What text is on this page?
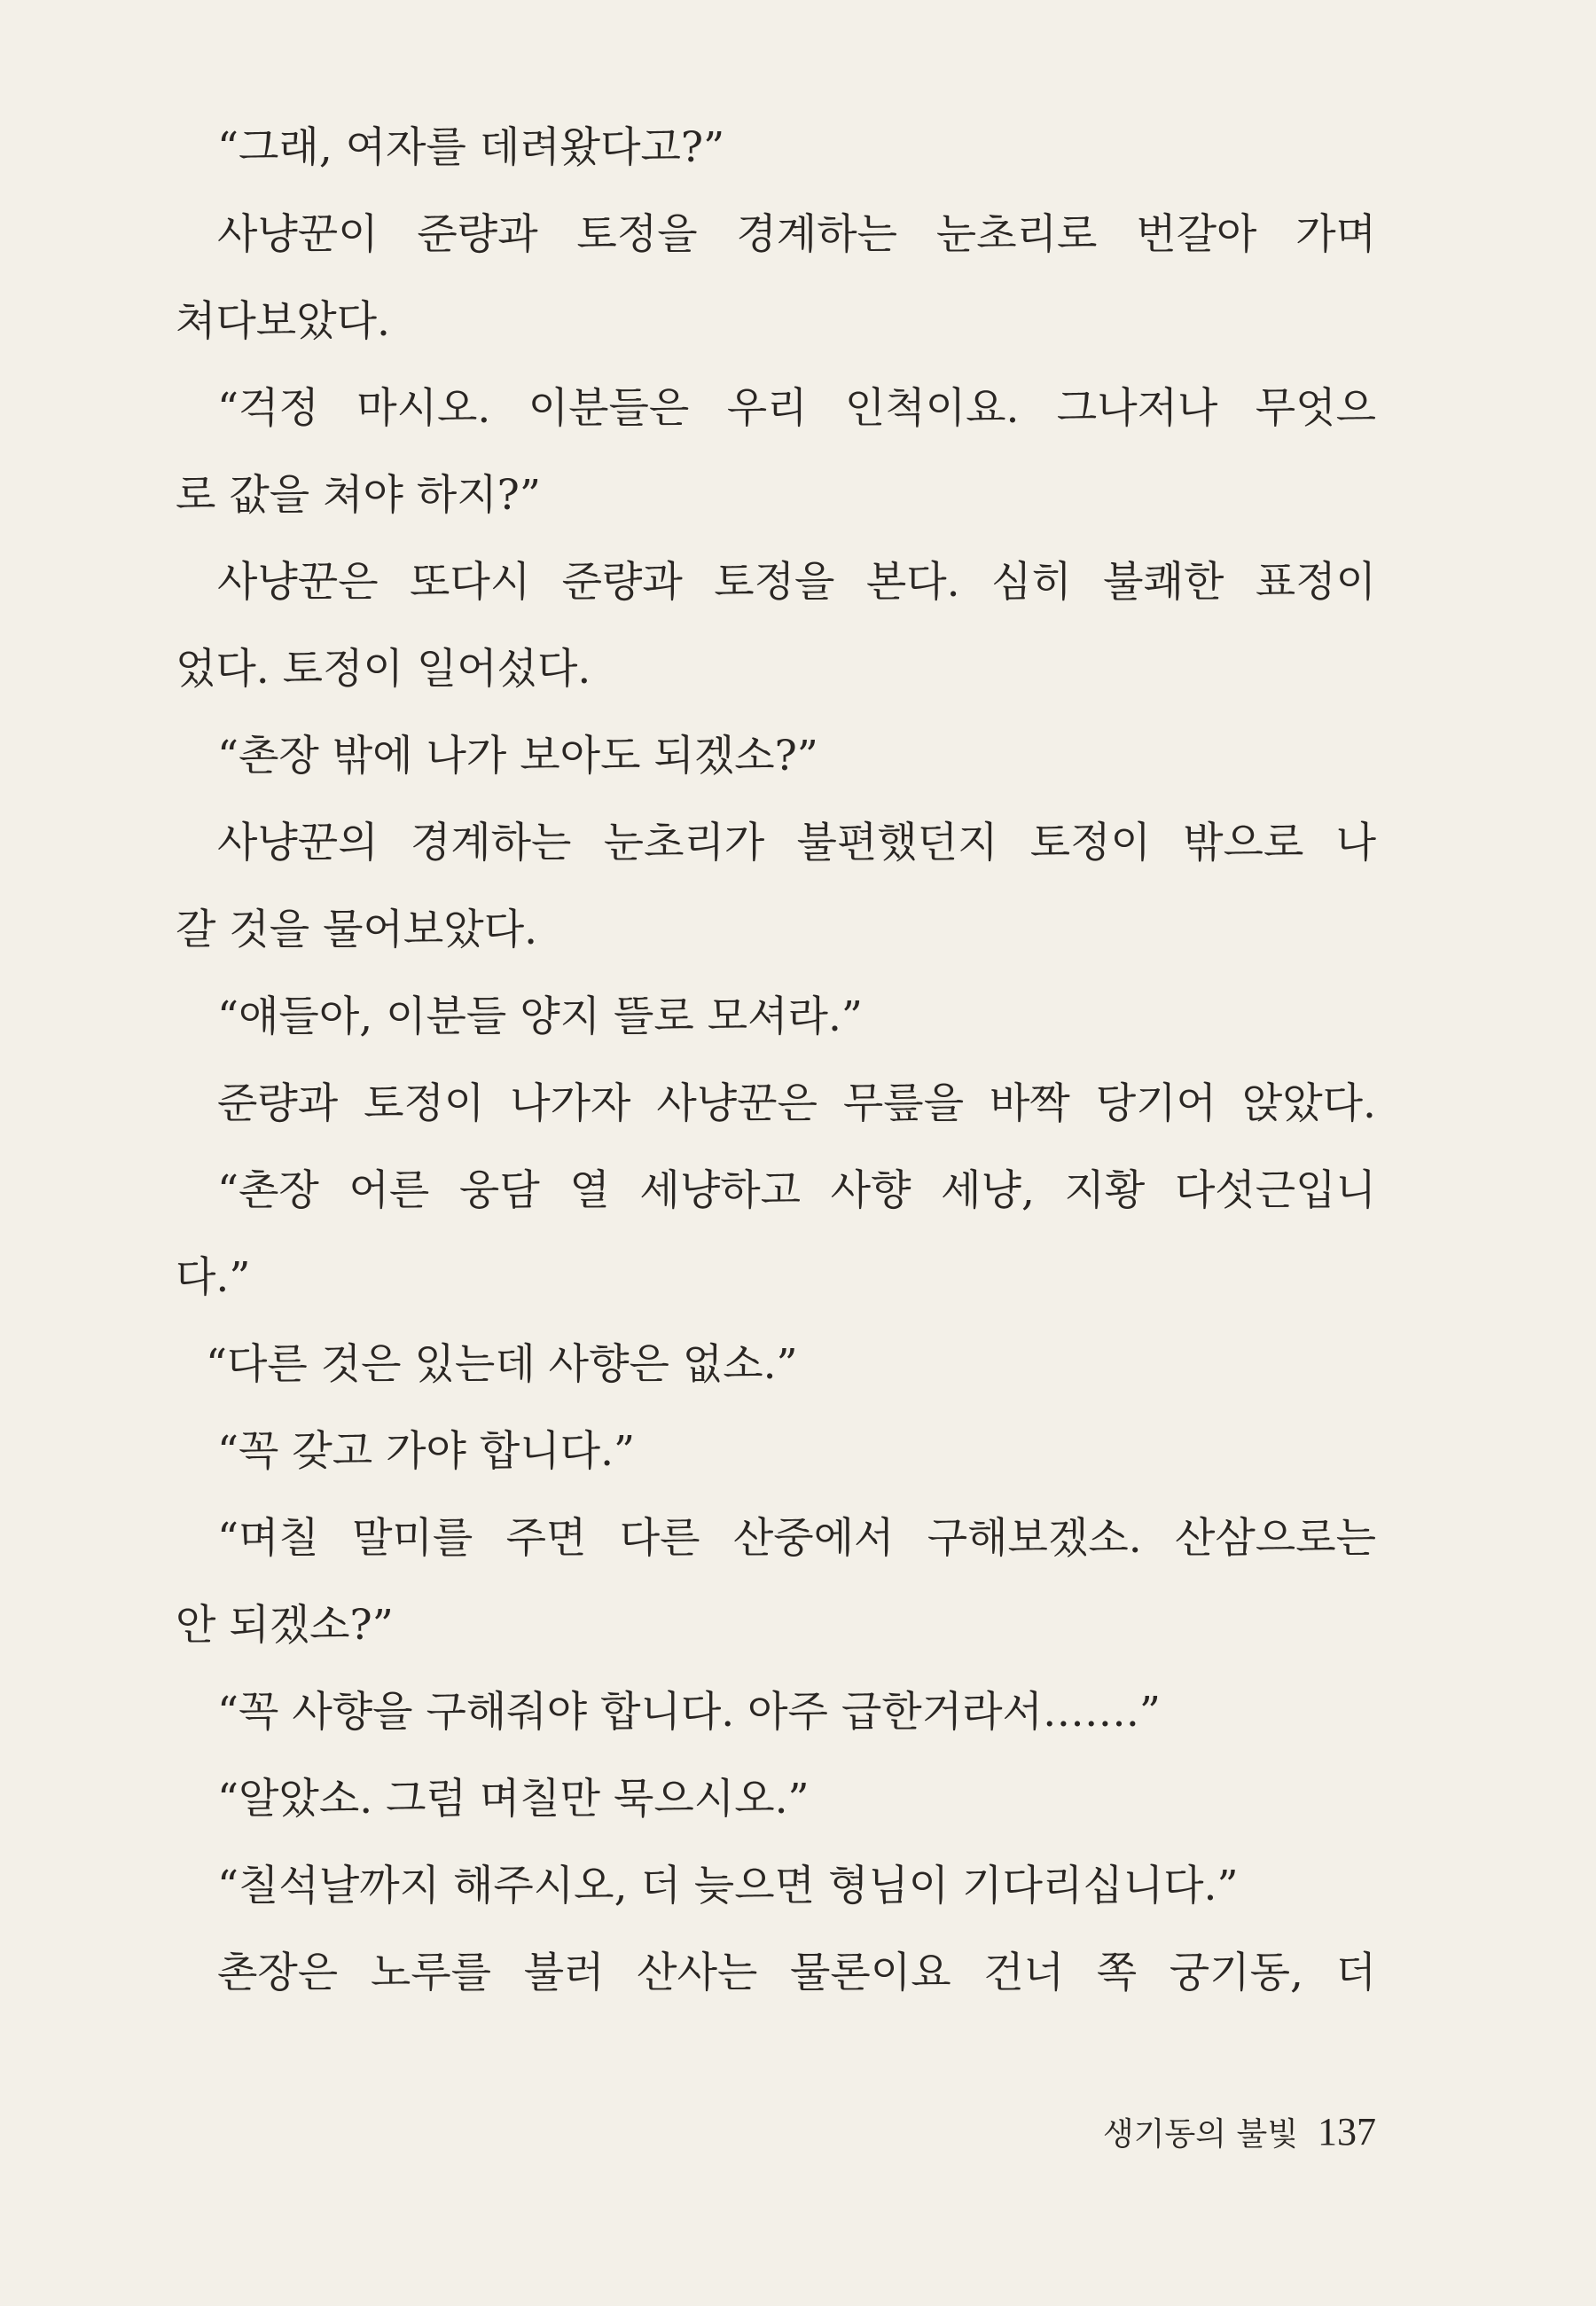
“그래, 여자를 데려왔다고?”
사냥꾼이 준량과 토정을 경계하는 눈초리로 번갈아 가며
쳐다보았다.
“걱정 마시오. 이분들은 우리 인척이요. 그나저나 무엇으
로 값을 쳐야 하지?”
사냥꾼은 또다시 준량과 토정을 본다. 심히 불쾌한 표정이
었다. 토정이 일어섰다.
“촌장 밖에 나가 보아도 되겠소?”
사냥꾼의 경계하는 눈초리가 불편했던지 토정이 밖으로 나
갈 것을 물어보았다.
“얘들아, 이분들 양지 뜰로 모셔라.”
준량과 토정이 나가자 사냥꾼은 무릎을 바짝 당기어 앉았다.
“촌장 어른 웅담 열 세냥하고 사향 세냥, 지황 다섯근입니
다.”
“다른 것은 있는데 사향은 없소.”
“꼭 갖고 가야 합니다.”
“며칠 말미를 주면 다른 산중에서 구해보겠소. 산삼으로는
안 되겠소?”
“꼭 사향을 구해줘야 합니다. 아주 급한거라서…….”
“알았소. 그럼 며칠만 묵으시오.”
“칠석날까지 해주시오, 더 늦으면 형님이 기다리십니다.”
촌장은 노루를 불러 산사는 물론이요 건너 쪽 궁기동, 더
생기동의 불빛 137
